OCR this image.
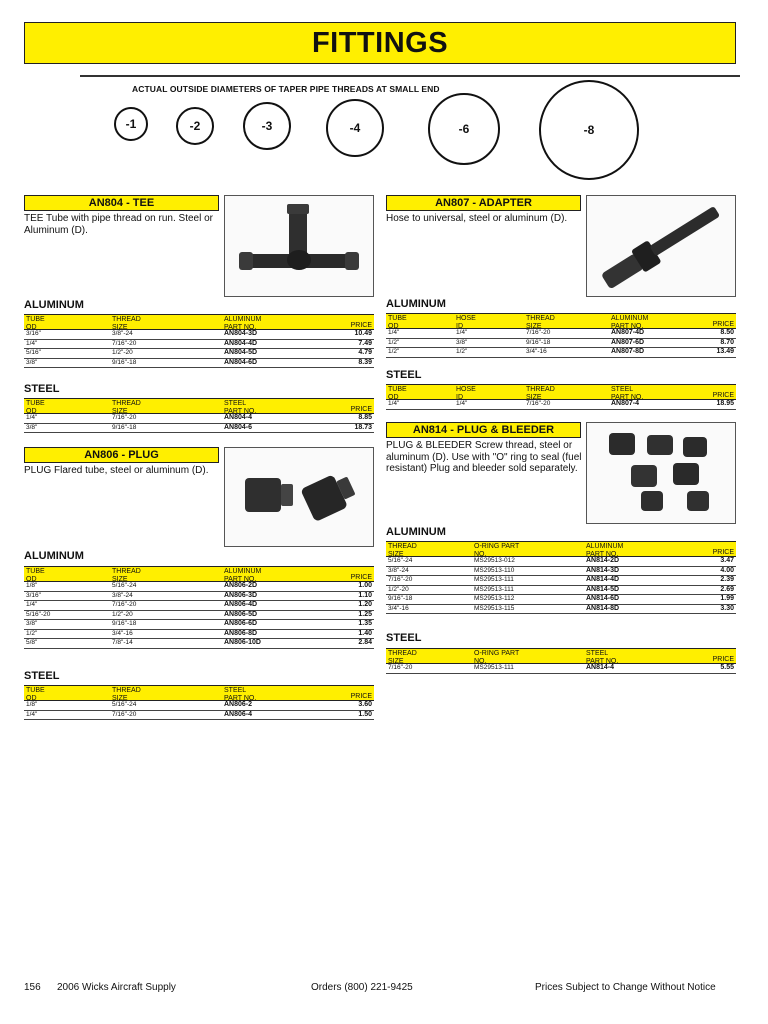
FITTINGS
ACTUAL OUTSIDE DIAMETERS OF TAPER PIPE THREADS AT SMALL END
-1	-2	-3	-4	-6	-8
AN804 - TEE
TEE Tube with pipe thread on run. Steel or Aluminum (D).
ALUMINUM
TUBE
OD
THREAD
SIZE
ALUMINUM
PART NO.	PRICE
3/16"	3/8"-24	AN804-3D	10.49
1/4"	7/16"-20	AN804-4D	7.49
5/16"	1/2"-20	AN804-5D	4.79
3/8"	9/16"-18	AN804-6D	8.39
STEEL
TUBE
OD
THREAD
SIZE
STEEL
PART NO.	PRICE
1/4"	7/16"-20	AN804-4	8.85
3/8"	9/16"-18	AN804-6	18.73
AN806 - PLUG
PLUG Flared tube, steel or aluminum (D).
ALUMINUM
TUBE
OD
THREAD
SIZE
ALUMINUM
PART NO.	PRICE
1/8"	5/16"-24	AN806-2D	1.00
3/16"	3/8"-24	AN806-3D	1.10
1/4"	7/16"-20	AN806-4D	1.20
5/16"-20	1/2"-20	AN806-5D	1.25
3/8"	9/16"-18	AN806-6D	1.35
1/2"	3/4"-16	AN806-8D	1.40
5/8"	7/8"-14	AN806-10D	2.84
STEEL
TUBE
OD
THREAD
SIZE
STEEL
PART NO.	PRICE
1/8"	5/16"-24	AN806-2	3.60
1/4"	7/16"-20	AN806-4	1.50
AN807 - ADAPTER
Hose to universal, steel or aluminum (D).
ALUMINUM
TUBE
OD
HOSE
ID
THREAD
SIZE
ALUMINUM
PART NO.	PRICE
1/4"	1/4"	7/16"-20	AN807-4D	8.50
1/2"	3/8"	9/16"-18	AN807-6D	8.70
1/2"	1/2"	3/4"-16	AN807-8D	13.49
STEEL
TUBE
OD
HOSE
ID
THREAD
SIZE
STEEL
PART NO.	PRICE
1/4"	1/4"	7/16"-20	AN807-4	18.95
AN814 - PLUG & BLEEDER
PLUG & BLEEDER Screw thread, steel or aluminum (D). Use with "O" ring to seal (fuel resistant) Plug and bleeder sold separately.
ALUMINUM
THREAD
SIZE
O-RING PART
NO.
ALUMINUM
PART NO.	PRICE
5/16"-24	MS29513-012	AN814-2D	3.47
3/8"-24	MS29513-110	AN814-3D	4.00
7/16"-20	MS29513-111	AN814-4D	2.39
1/2"-20	MS29513-111	AN814-5D	2.69
9/16"-18	MS29513-112	AN814-6D	1.99
3/4"-16	MS29513-115	AN814-8D	3.30
STEEL
THREAD
SIZE
O-RING PART
NO.
STEEL
PART NO.	PRICE
7/16"-20	MS29513-111	AN814-4	5.55
156 2006 Wicks Aircraft Supply	Orders (800) 221-9425	Prices Subject to Change Without Notice
